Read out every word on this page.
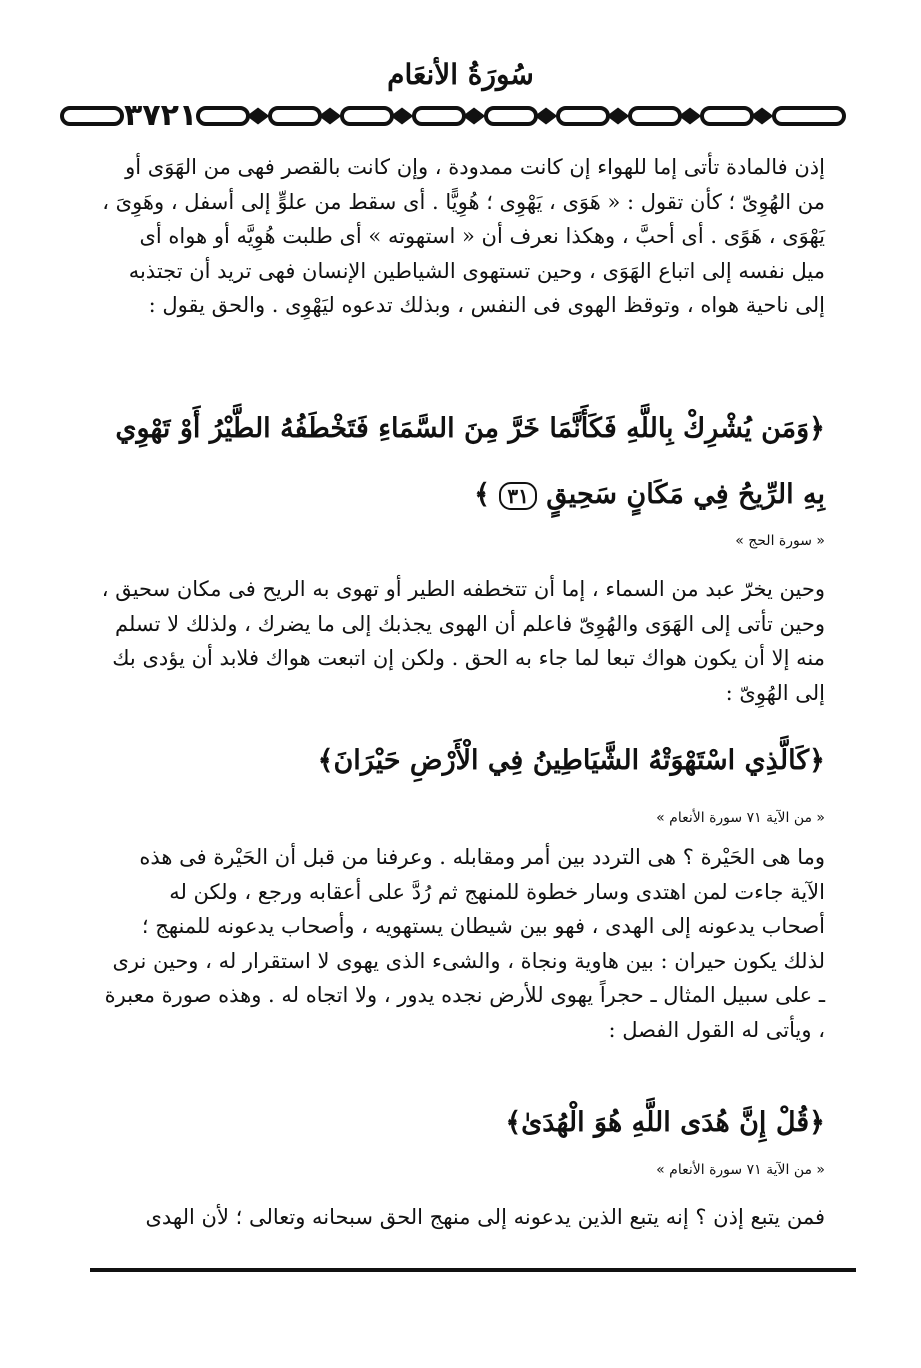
سُورَةُ الأنعَام
٣٧٢١

إذن فالمادة تأتى إما للهواء إن كانت ممدودة ، وإن كانت بالقصر فهى من الهَوَى أو من الهُوِىّ ؛ كأن تقول : « هَوَى ، يَهْوِى ؛ هُوِيًّا . أى سقط من علوٍّ إلى أسفل ، وهَوِىَ ، يَهْوَى ، هَوًى . أى أحبَّ ، وهكذا نعرف أن « استهوته » أى طلبت هُوِيَّه أو هواه أى ميل نفسه إلى اتباع الهَوَى ، وحين تستهوى الشياطين الإنسان فهى تريد أن تجتذبه إلى ناحية هواه ، وتوقظ الهوى فى النفس ، وبذلك تدعوه ليَهْوِى . والحق يقول :

﴿وَمَن يُشْرِكْ بِاللَّهِ فَكَأَنَّمَا خَرَّ مِنَ السَّمَاءِ فَتَخْطَفُهُ الطَّيْرُ أَوْ تَهْوِي بِهِ الرِّيحُ فِي مَكَانٍ سَحِيقٍ ٣١ ﴾

« سورة الحج »

وحين يخرّ عبد من السماء ، إما أن تتخطفه الطير أو تهوى به الريح فى مكان سحيق ، وحين تأتى إلى الهَوَى والهُوِىّ فاعلم أن الهوى يجذبك إلى ما يضرك ، ولذلك لا تسلم منه إلا أن يكون هواك تبعا لما جاء به الحق . ولكن إن اتبعت هواك فلابد أن يؤدى بك إلى الهُوِىّ :

﴿كَالَّذِي اسْتَهْوَتْهُ الشَّيَاطِينُ فِي الْأَرْضِ حَيْرَانَ﴾

« من الآية ٧١ سورة الأنعام »

وما هى الحَيْرة ؟ هى التردد بين أمر ومقابله . وعرفنا من قبل أن الحَيْرة فى هذه الآية جاءت لمن اهتدى وسار خطوة للمنهج ثم رُدَّ على أعقابه ورجع ، ولكن له أصحاب يدعونه إلى الهدى ، فهو بين شيطان يستهويه ، وأصحاب يدعونه للمنهج ؛ لذلك يكون حيران : بين هاوية ونجاة ، والشىء الذى يهوى لا استقرار له ، وحين نرى ـ على سبيل المثال ـ حجراً يهوى للأرض نجده يدور ، ولا اتجاه له . وهذه صورة معبرة ، ويأتى له القول الفصل :

﴿قُلْ إِنَّ هُدَى اللَّهِ هُوَ الْهُدَىٰ﴾

« من الآية ٧١ سورة الأنعام »

فمن يتبع إذن ؟ إنه يتبع الذين يدعونه إلى منهج الحق سبحانه وتعالى ؛ لأن الهدى
